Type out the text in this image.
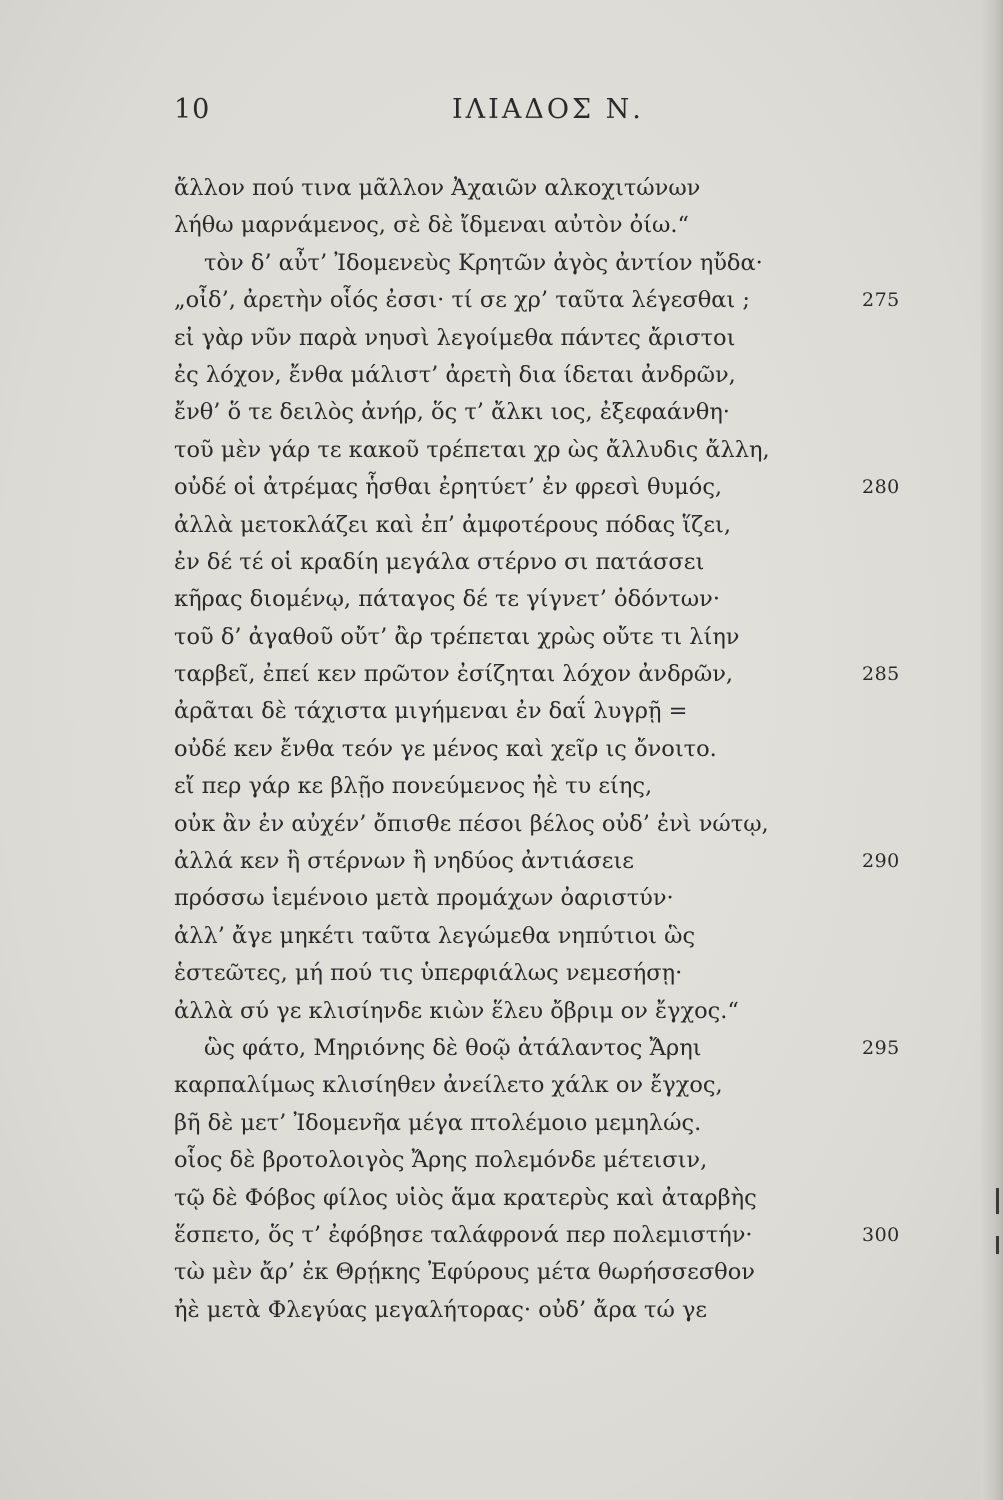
10	ΙΛΙΑΔΟΣ Ν.
ἄλλον πού τινα μᾶλλον Ἀχαιῶν αλκοχιτώνων
λήθω μαρνάμενος, σὲ δὲ ἴδμεναι αὐτὸν ὀίω.“
τὸν δ’ αὖτ’ Ἰδομενεὺς Κρητῶν ἀγὸς ἀντίον ηὔδα·
„οἶδ’, ἀρετὴν οἷός ἐσσι· τί σε χρ’ ταῦτα λέγεσθαι ;	275
εἰ γὰρ νῦν παρὰ νηυσὶ λεγοίμεθα πάντες ἄριστοι
ἐς λόχον, ἔνθα μάλιστ’ ἀρετὴ δια ίδεται ἀνδρῶν,
ἔνθ’ ὅ τε δειλὸς ἀνήρ, ὅς τ’ ἄλκι ιος, ἐξεφαάνθη·
τοῦ μὲν γάρ τε κακοῦ τρέπεται χρ ὼς ἄλλυδις ἄλλη,
οὐδέ οἱ ἀτρέμας ἧσθαι ἐρητύετ’ ἐν φρεσὶ θυμός,	280
ἀλλὰ μετοκλάζει καὶ ἐπ’ ἀμφοτέρους πόδας ἵζει,
ἐν δέ τέ οἱ κραδίη μεγάλα στέρνο σι πατάσσει
κῆρας διομένῳ, πάταγος δέ τε γίγνετ’ ὀδόντων·
τοῦ δ’ ἀγαθοῦ οὔτ’ ἂρ τρέπεται χρὼς οὔτε τι λίην
ταρβεῖ, ἐπεί κεν πρῶτον ἐσίζηται λόχον ἀνδρῶν,	285
ἀρᾶται δὲ τάχιστα μιγήμεναι ἐν δαΐ λυγρῇ =
οὐδέ κεν ἔνθα τεόν γε μένος καὶ χεῖρ ις ὄνοιτο.
εἴ περ γάρ κε βλῇο πονεύμενος ἠὲ τυ είης,
οὐκ ἂν ἐν αὐχέν’ ὄπισθε πέσοι βέλος οὐδ’ ἐνὶ νώτῳ,
ἀλλά κεν ἢ στέρνων ἢ νηδύος ἀντιάσειε	290
πρόσσω ἱεμένοιο μετὰ προμάχων ὀαριστύν·
ἀλλ’ ἄγε μηκέτι ταῦτα λεγώμεθα νηπύτιοι ὣς
ἑστεῶτες, μή πού τις ὑπερφιάλως νεμεσήσῃ·
ἀλλὰ σύ γε κλισίηνδε κιὼν ἕλευ ὄβριμ ον ἔγχος.“
ὣς φάτο, Μηριόνης δὲ θοῷ ἀτάλαντος Ἄρηι	295
καρπαλίμως κλισίηθεν ἀνείλετο χάλκ ον ἔγχος,
βῆ δὲ μετ’ Ἰδομενῆα μέγα πτολέμοιο μεμηλώς.
οἷος δὲ βροτολοιγὸς Ἄρης πολεμόνδε μέτεισιν,
τῷ δὲ Φόβος φίλος υἱὸς ἅμα κρατερὺς καὶ ἀταρβὴς
ἕσπετο, ὅς τ’ ἐφόβησε ταλάφρονά περ πολεμιστήν·	300
τὼ μὲν ἄρ’ ἐκ Θρῄκης Ἐφύρους μέτα θωρήσσεσθον
ἠὲ μετὰ Φλεγύας μεγαλήτορας· οὐδ’ ἄρα τώ γε
